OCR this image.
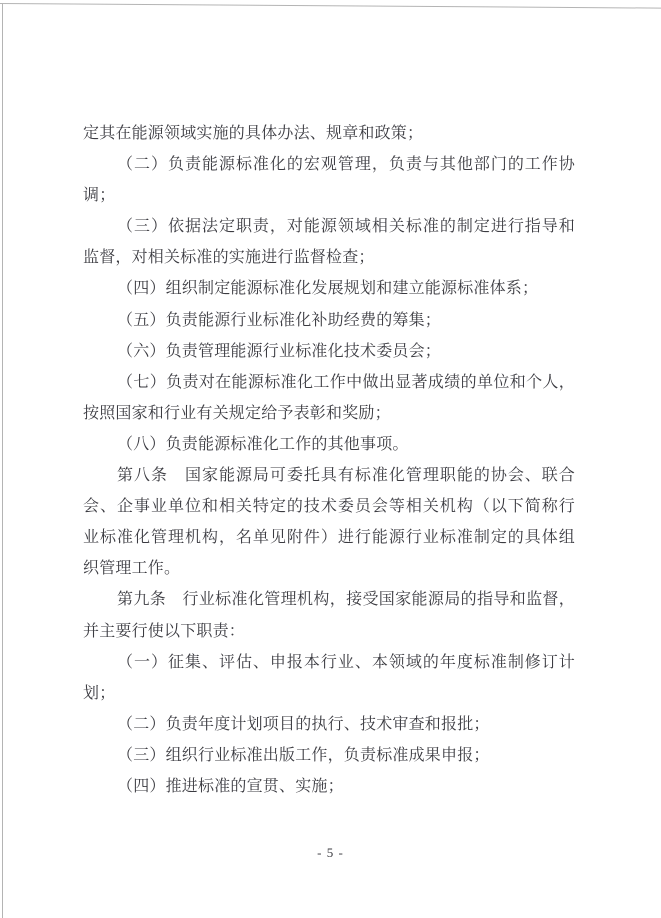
定其在能源领域实施的具体办法、规章和政策；
（二）负责能源标准化的宏观管理，负责与其他部门的工作协
调；
（三）依据法定职责，对能源领域相关标准的制定进行指导和
监督，对相关标准的实施进行监督检查；
（四）组织制定能源标准化发展规划和建立能源标准体系；
（五）负责能源行业标准化补助经费的筹集；
（六）负责管理能源行业标准化技术委员会；
（七）负责对在能源标准化工作中做出显著成绩的单位和个人，
按照国家和行业有关规定给予表彰和奖励；
（八）负责能源标准化工作的其他事项。
第八条　国家能源局可委托具有标准化管理职能的协会、联合
会、企事业单位和相关特定的技术委员会等相关机构（以下简称行
业标准化管理机构，名单见附件）进行能源行业标准制定的具体组
织管理工作。
第九条　行业标准化管理机构，接受国家能源局的指导和监督，
并主要行使以下职责：
（一）征集、评估、申报本行业、本领域的年度标准制修订计
划；
（二）负责年度计划项目的执行、技术审查和报批；
（三）组织行业标准出版工作，负责标准成果申报；
（四）推进标准的宣贯、实施；
- 5 -
